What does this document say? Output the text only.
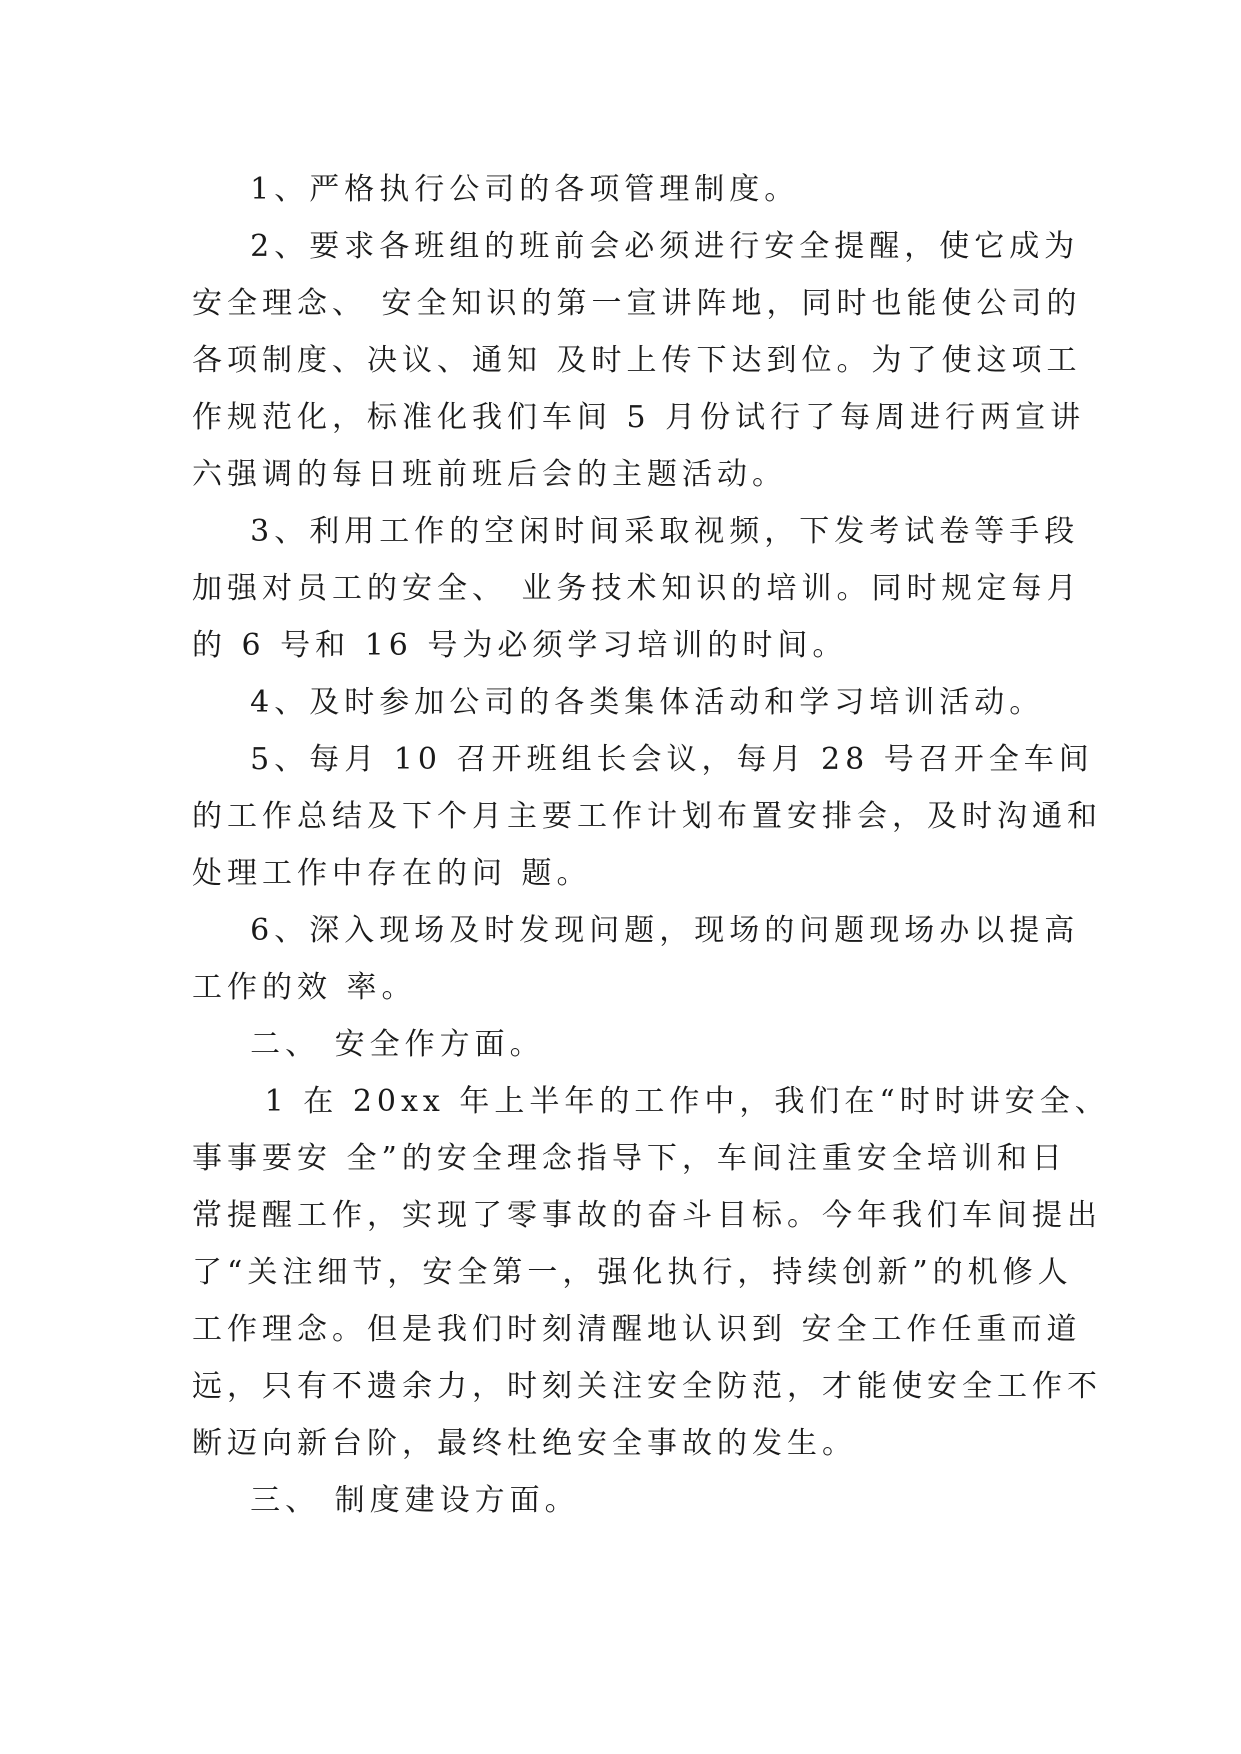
1、严格执行公司的各项管理制度。
2、要求各班组的班前会必须进行安全提醒，使它成为
安全理念、 安全知识的第一宣讲阵地，同时也能使公司的
各项制度、决议、通知 及时上传下达到位。为了使这项工
作规范化，标准化我们车间 5 月份试行了每周进行两宣讲
六强调的每日班前班后会的主题活动。
3、利用工作的空闲时间采取视频，下发考试卷等手段
加强对员工的安全、 业务技术知识的培训。同时规定每月
的 6 号和 16 号为必须学习培训的时间。
4、及时参加公司的各类集体活动和学习培训活动。
5、每月 10 召开班组长会议，每月 28 号召开全车间
的工作总结及下个月主要工作计划布置安排会，及时沟通和
处理工作中存在的问 题。
6、深入现场及时发现问题，现场的问题现场办以提高
工作的效 率。
二、 安全作方面。
1 在 20xx 年上半年的工作中，我们在“时时讲安全、
事事要安 全”的安全理念指导下，车间注重安全培训和日
常提醒工作，实现了零事故的奋斗目标。今年我们车间提出
了“关注细节，安全第一，强化执行，持续创新”的机修人
工作理念。但是我们时刻清醒地认识到 安全工作任重而道
远，只有不遗余力，时刻关注安全防范，才能使安全工作不
断迈向新台阶，最终杜绝安全事故的发生。
三、 制度建设方面。
